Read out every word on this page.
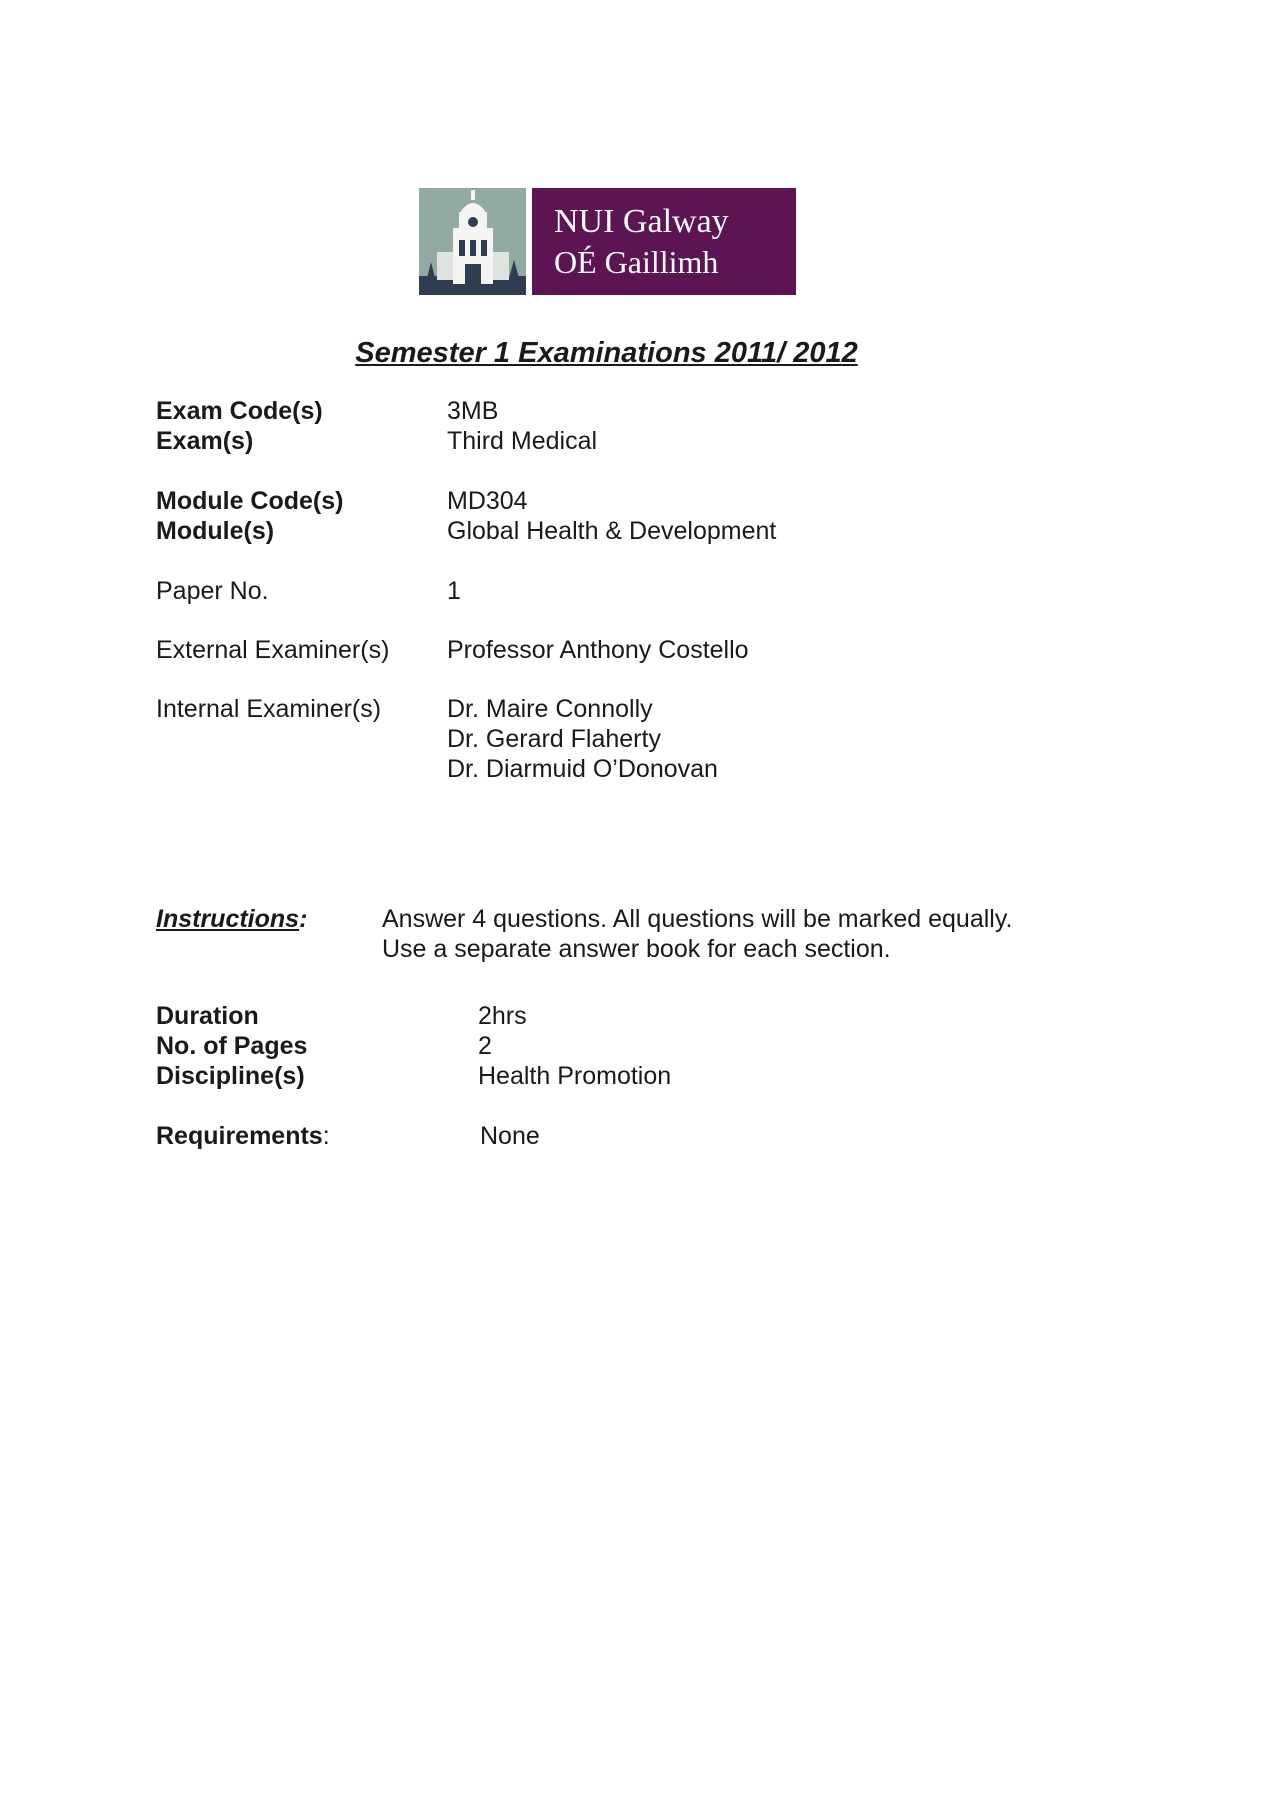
NUI Galway
OÉ Gaillimh
Semester 1 Examinations 2011/ 2012
Exam Code(s)	3MB
Exam(s)	Third Medical
Module Code(s)	MD304
Module(s)	Global Health & Development
Paper No.	1
External Examiner(s) Professor Anthony Costello
Internal Examiner(s)	Dr. Maire Connolly
Dr. Gerard Flaherty
Dr. Diarmuid O’Donovan
Instructions:	Answer 4 questions. All questions will be marked equally.
Use a separate answer book for each section.
Duration	2hrs
No. of Pages	2
Discipline(s)	Health Promotion
Requirements:	None
